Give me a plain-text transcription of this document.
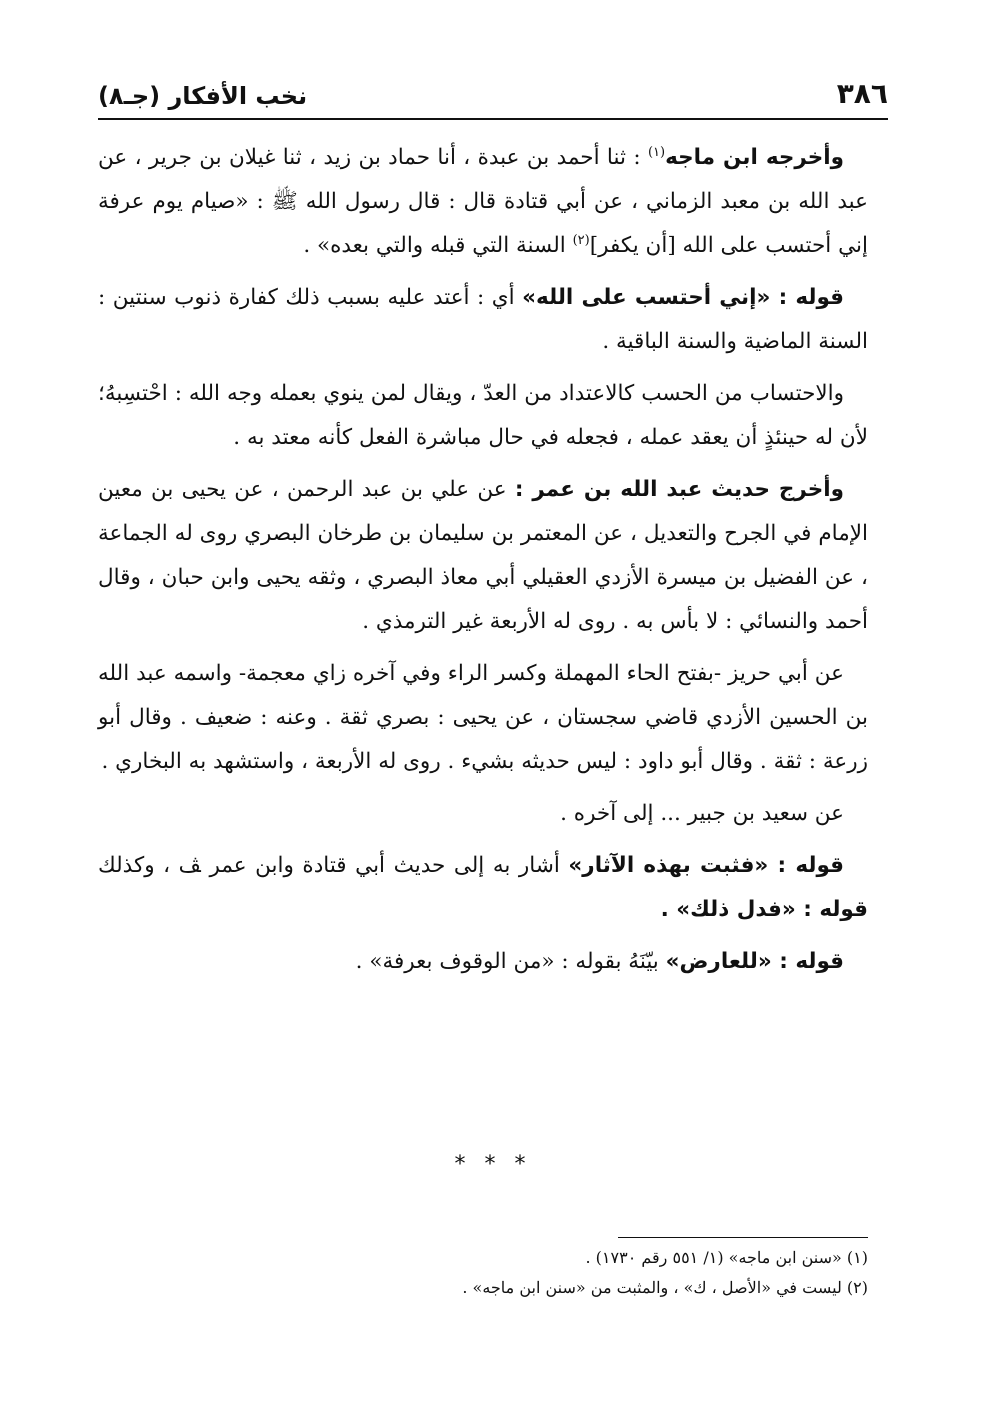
٣٨٦
نخب الأفكار (جـ٨)

وأخرجه ابن ماجه$^{(١)}$ : ثنا أحمد بن عبدة ، أنا حماد بن زيد ، ثنا غيلان بن جرير ، عن عبد الله بن معبد الزماني ، عن أبي قتادة قال : قال رسول الله ﷺ : «صيام يوم عرفة إني أحتسب على الله [أن يكفر]$^{(٢)}$ السنة التي قبله والتي بعده» .

قوله : «إني أحتسب على الله» أي : أعتد عليه بسبب ذلك كفارة ذنوب سنتين : السنة الماضية والسنة الباقية .

والاحتساب من الحسب كالاعتداد من العدّ ، ويقال لمن ينوي بعمله وجه الله : احْتسِبهُ؛ لأن له حينئذٍ أن يعقد عمله ، فجعله في حال مباشرة الفعل كأنه معتد به .

وأخرج حديث عبد الله بن عمر : عن علي بن عبد الرحمن ، عن يحيى بن معين الإمام في الجرح والتعديل ، عن المعتمر بن سليمان بن طرخان البصري روى له الجماعة ، عن الفضيل بن ميسرة الأزدي العقيلي أبي معاذ البصري ، وثقه يحيى وابن حبان ، وقال أحمد والنسائي : لا بأس به . روى له الأربعة غير الترمذي .

عن أبي حريز -بفتح الحاء المهملة وكسر الراء وفي آخره زاي معجمة- واسمه عبد الله بن الحسين الأزدي قاضي سجستان ، عن يحيى : بصري ثقة . وعنه : ضعيف . وقال أبو زرعة : ثقة . وقال أبو داود : ليس حديثه بشيء . روى له الأربعة ، واستشهد به البخاري .

عن سعيد بن جبير ... إلى آخره .

قوله : «فثبت بهذه الآثار» أشار به إلى حديث أبي قتادة وابن عمر ﭫ ، وكذلك قوله : «فدل ذلك» .

قوله : «للعارض» بيّنَهُ بقوله : «من الوقوف بعرفة» .

* * *

(١) «سنن ابن ماجه» (١/ ٥٥١ رقم ١٧٣٠) .

(٢) ليست في «الأصل ، ك» ، والمثبت من «سنن ابن ماجه» .
